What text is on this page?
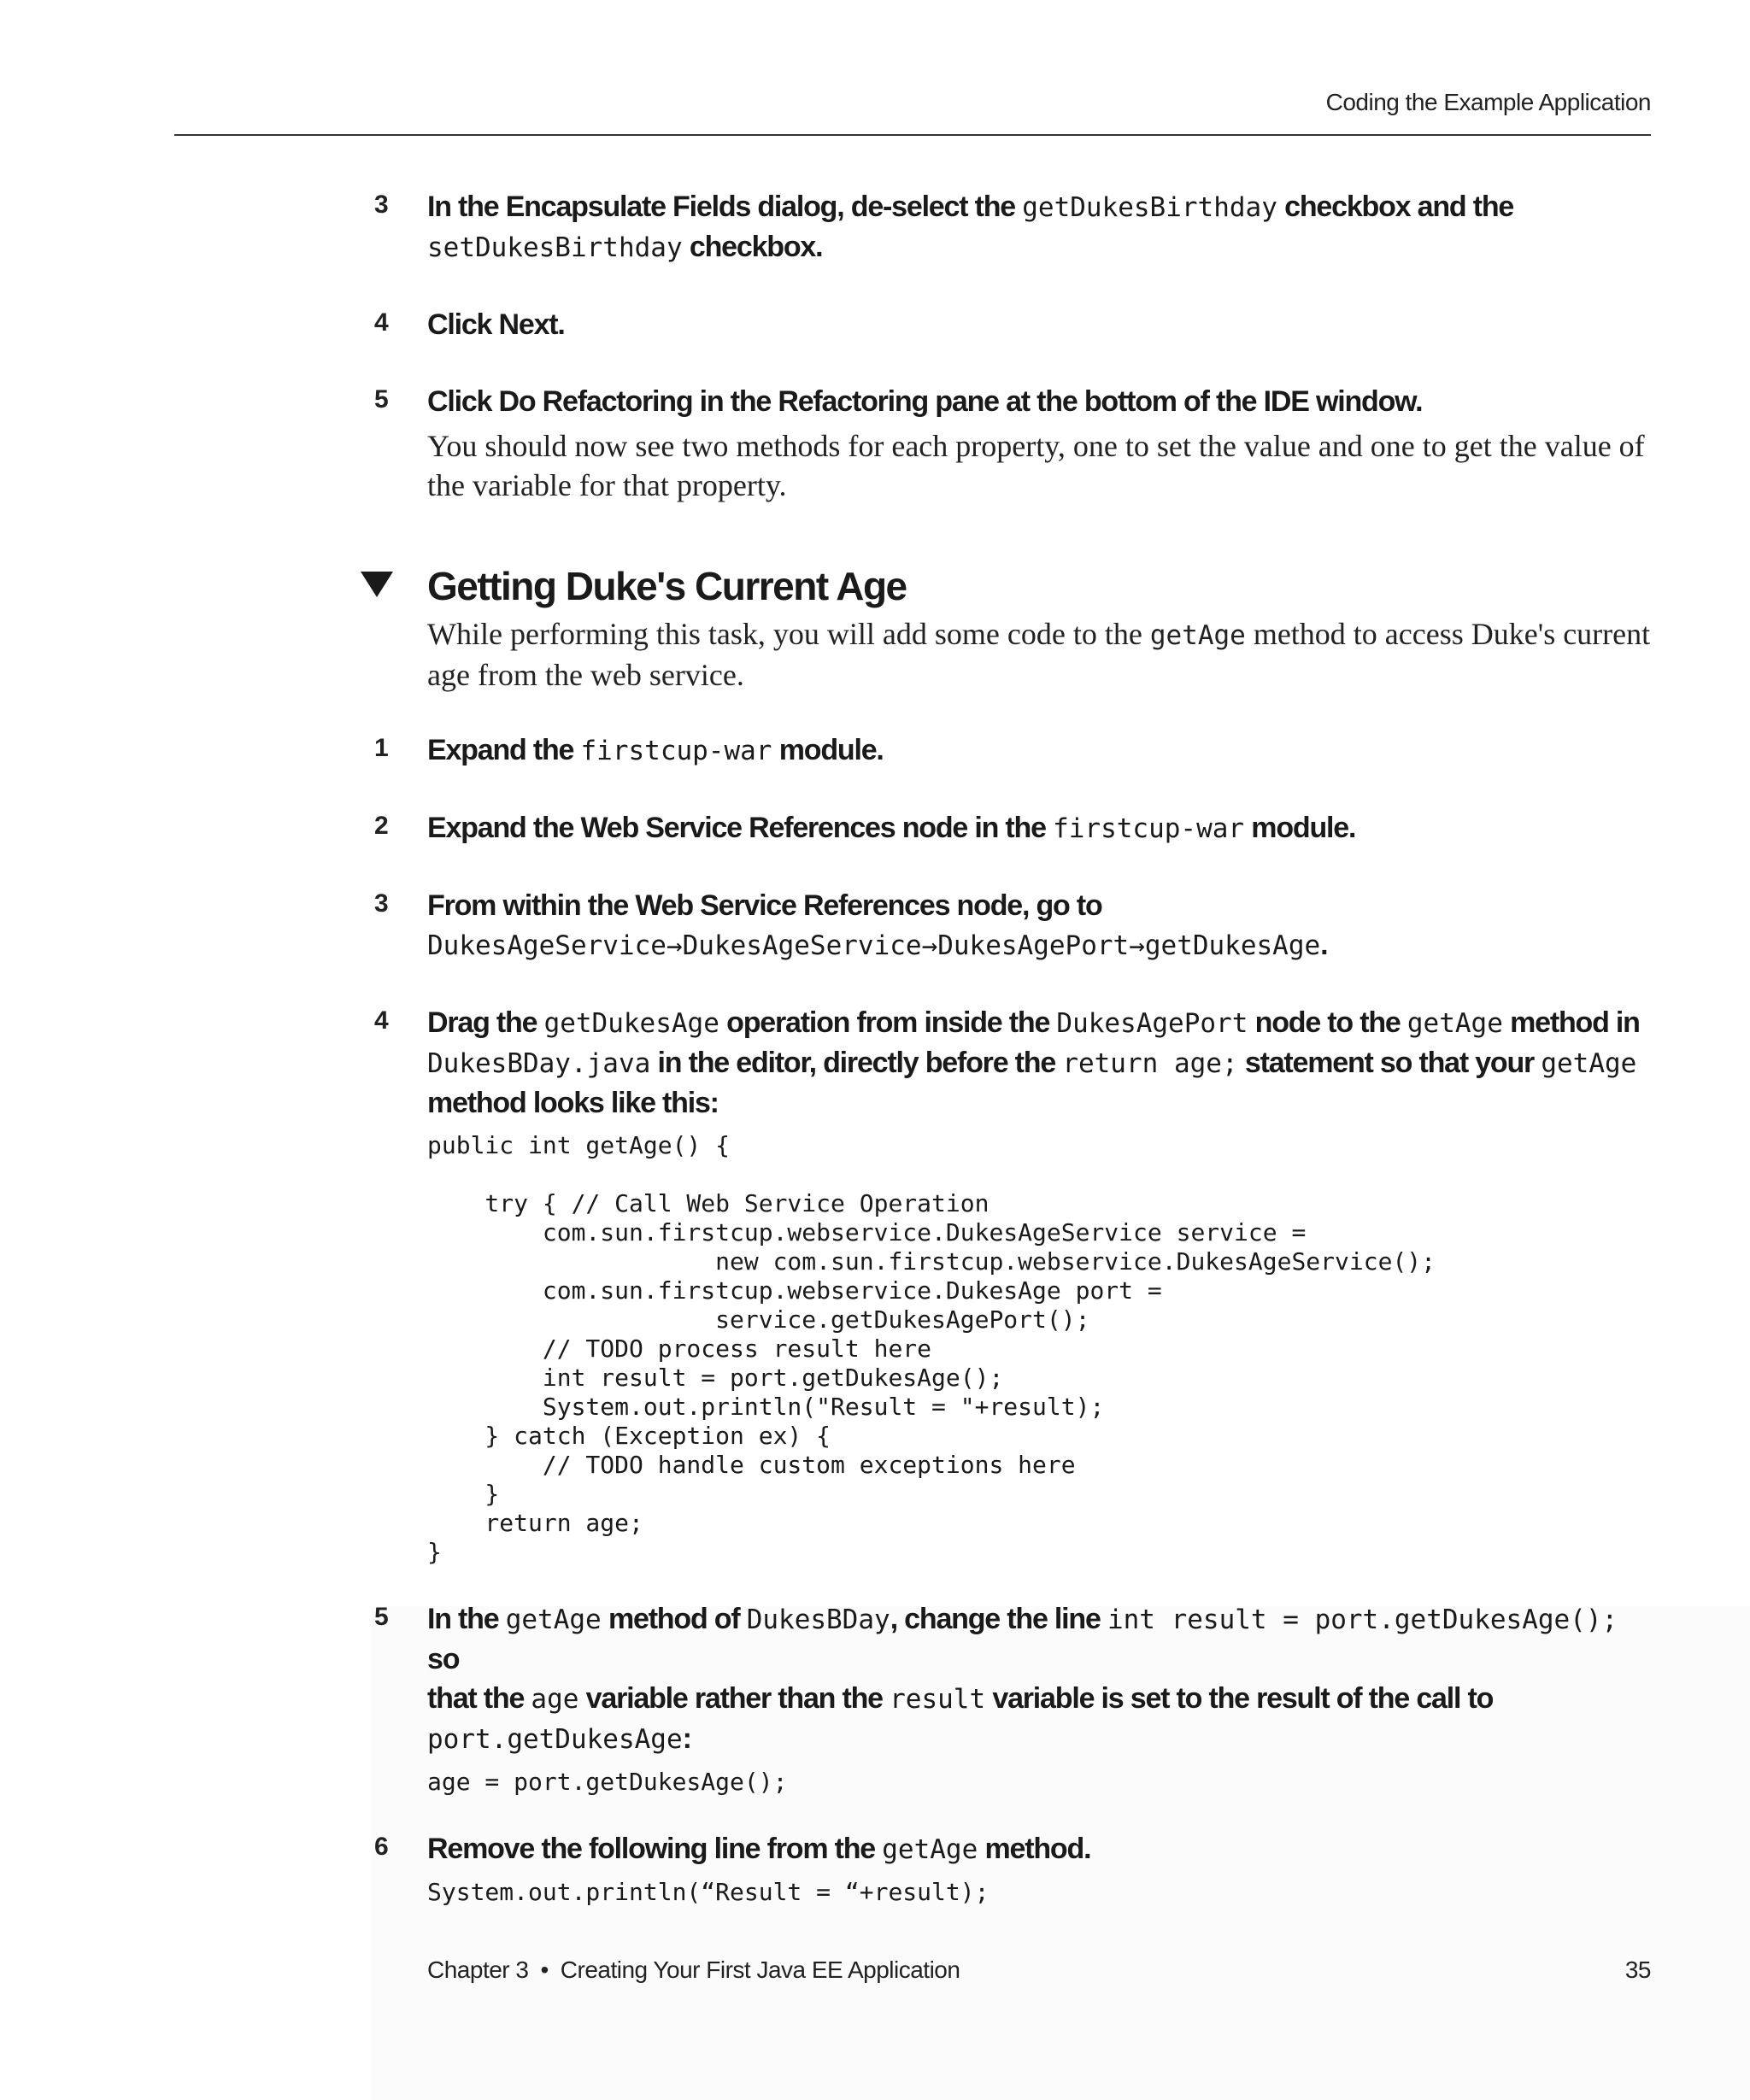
Coding the Example Application
3 In the Encapsulate Fields dialog, de-select the getDukesBirthday checkbox and the
setDukesBirthday checkbox.

4 Click Next.

5 Click Do Refactoring in the Refactoring pane at the bottom of the IDE window.

You should now see two methods for each property, one to set the value and one to get the value of the variable for that property.

Getting Duke's Current Age

While performing this task, you will add some code to the getAge method to access Duke's current age from the web service.

1 Expand the firstcup-war module.

2 Expand the Web Service References node in the firstcup-war module.

3 From within the Web Service References node, go to
DukesAgeService→DukesAgeService→DukesAgePort→getDukesAge.

4 Drag the getDukesAge operation from inside the DukesAgePort node to the getAge method in
DukesBDay.java in the editor, directly before the return age; statement so that your getAge
method looks like this:

public int getAge() {

try { // Call Web Service Operation
com.sun.firstcup.webservice.DukesAgeService service =
new com.sun.firstcup.webservice.DukesAgeService();
com.sun.firstcup.webservice.DukesAge port =
service.getDukesAgePort();
// TODO process result here
int result = port.getDukesAge();
System.out.println("Result = "+result);
} catch (Exception ex) {
// TODO handle custom exceptions here
}
return age;
}
5 In the getAge method of DukesBDay, change the line int result = port.getDukesAge(); so
that the age variable rather than the result variable is set to the result of the call to
port.getDukesAge:

age = port.getDukesAge();
6 Remove the following line from the getAge method.

System.out.println(“Result = “+result);
Chapter 3 • Creating Your First Java EE Application	35
